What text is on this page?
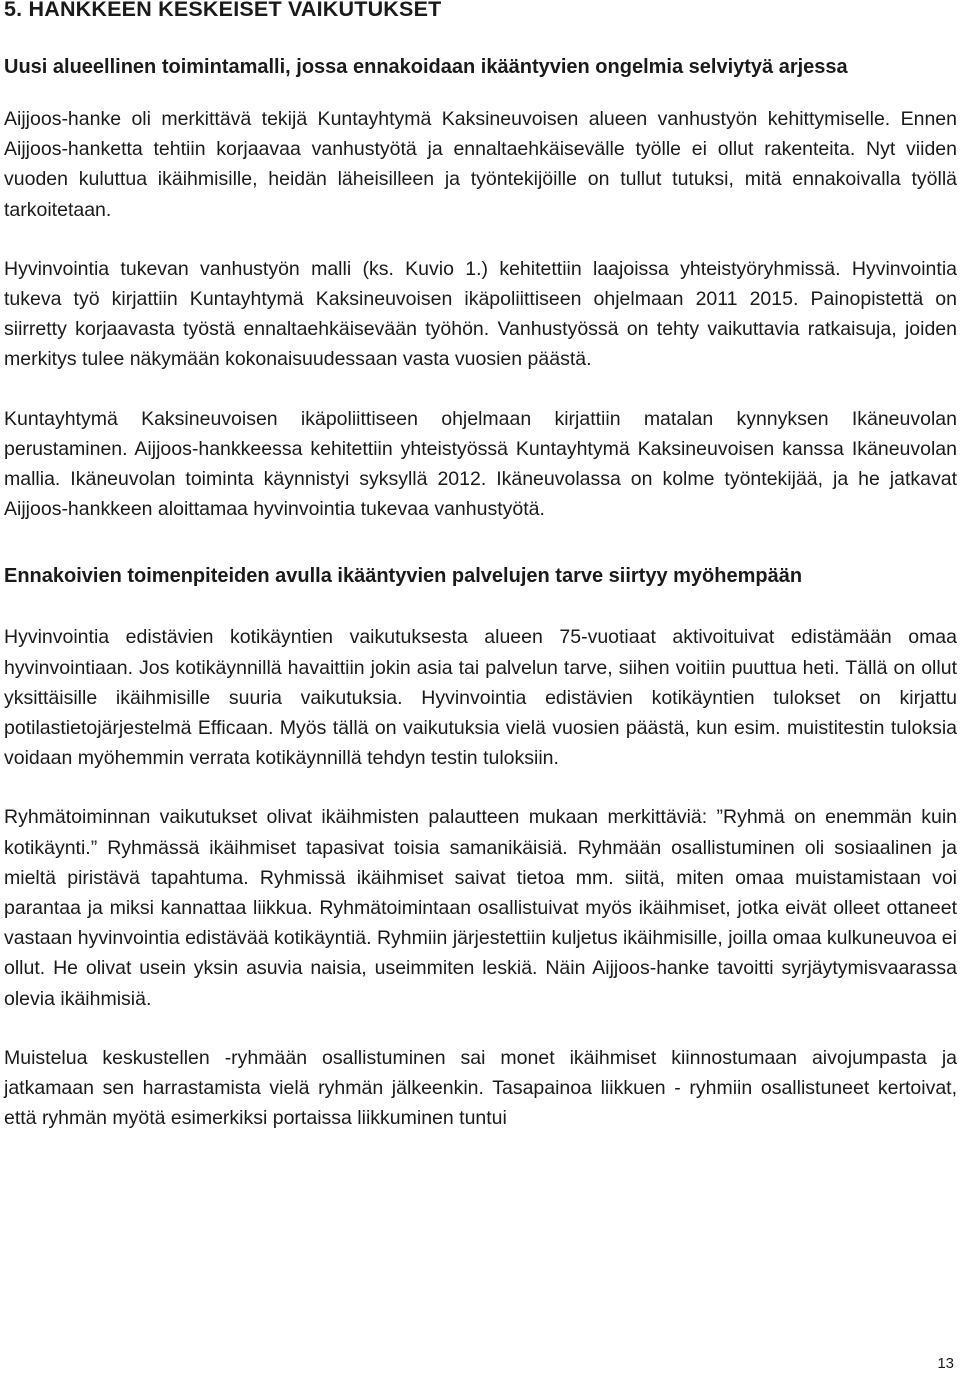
5. HANKKEEN KESKEISET VAIKUTUKSET
Uusi alueellinen toimintamalli, jossa ennakoidaan ikääntyvien ongelmia selviytyä arjessa

Aijjoos-hanke oli merkittävä tekijä Kuntayhtymä Kaksineuvoisen alueen vanhustyön kehittymiselle. Ennen Aijjoos-hanketta tehtiin korjaavaa vanhustyötä ja ennaltaehkäisevälle työlle ei ollut rakenteita. Nyt viiden vuoden kuluttua ikäihmisille, heidän läheisilleen ja työntekijöille on tullut tutuksi, mitä ennakoivalla työllä tarkoitetaan.

Hyvinvointia tukevan vanhustyön malli (ks. Kuvio 1.) kehitettiin laajoissa yhteistyöryhmissä. Hyvinvointia tukeva työ kirjattiin Kuntayhtymä Kaksineuvoisen ikäpoliittiseen ohjelmaan 2011 2015. Painopistettä on siirretty korjaavasta työstä ennaltaehkäisevään työhön. Vanhustyössä on tehty vaikuttavia ratkaisuja, joiden merkitys tulee näkymään kokonaisuudessaan vasta vuosien päästä.

Kuntayhtymä Kaksineuvoisen ikäpoliittiseen ohjelmaan kirjattiin matalan kynnyksen Ikäneuvolan perustaminen. Aijjoos-hankkeessa kehitettiin yhteistyössä Kuntayhtymä Kaksineuvoisen kanssa Ikäneuvolan mallia. Ikäneuvolan toiminta käynnistyi syksyllä 2012. Ikäneuvolassa on kolme työntekijää, ja he jatkavat Aijjoos-hankkeen aloittamaa hyvinvointia tukevaa vanhustyötä.

Ennakoivien toimenpiteiden avulla ikääntyvien palvelujen tarve siirtyy myöhempään

Hyvinvointia edistävien kotikäyntien vaikutuksesta alueen 75-vuotiaat aktivoituivat edistämään omaa hyvinvointiaan. Jos kotikäynnillä havaittiin jokin asia tai palvelun tarve, siihen voitiin puuttua heti. Tällä on ollut yksittäisille ikäihmisille suuria vaikutuksia. Hyvinvointia edistävien kotikäyntien tulokset on kirjattu potilastietojärjestelmä Efficaan. Myös tällä on vaikutuksia vielä vuosien päästä, kun esim. muistitestin tuloksia voidaan myöhemmin verrata kotikäynnillä tehdyn testin tuloksiin.

Ryhmätoiminnan vaikutukset olivat ikäihmisten palautteen mukaan merkittäviä: ”Ryhmä on enemmän kuin kotikäynti.” Ryhmässä ikäihmiset tapasivat toisia samanikäisiä. Ryhmään osallistuminen oli sosiaalinen ja mieltä piristävä tapahtuma. Ryhmissä ikäihmiset saivat tietoa mm. siitä, miten omaa muistamistaan voi parantaa ja miksi kannattaa liikkua. Ryhmätoimintaan osallistuivat myös ikäihmiset, jotka eivät olleet ottaneet vastaan hyvinvointia edistävää kotikäyntiä. Ryhmiin järjestettiin kuljetus ikäihmisille, joilla omaa kulkuneuvoa ei ollut. He olivat usein yksin asuvia naisia, useimmiten leskiä. Näin Aijjoos-hanke tavoitti syrjäytymisvaarassa olevia ikäihmisiä.

Muistelua keskustellen -ryhmään osallistuminen sai monet ikäihmiset kiinnostumaan aivojumpasta ja jatkamaan sen harrastamista vielä ryhmän jälkeenkin. Tasapainoa liikkuen - ryhmiin osallistuneet kertoivat, että ryhmän myötä esimerkiksi portaissa liikkuminen tuntui

13
